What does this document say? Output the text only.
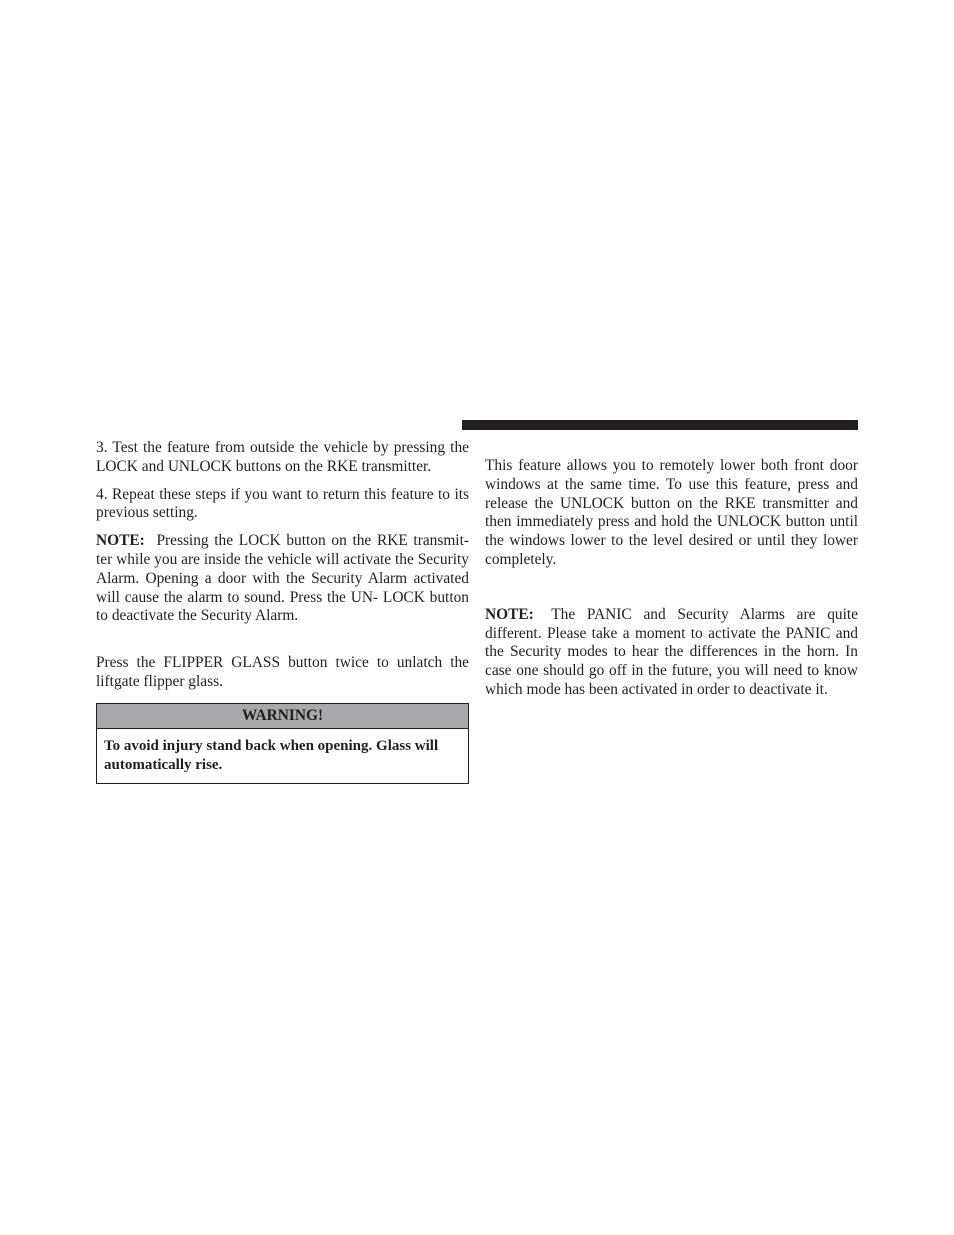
3. Test the feature from outside the vehicle by pressing the LOCK and UNLOCK buttons on the RKE transmitter.

4. Repeat these steps if you want to return this feature to its previous setting.

NOTE: Pressing the LOCK button on the RKE transmit- ter while you are inside the vehicle will activate the Security Alarm. Opening a door with the Security Alarm activated will cause the alarm to sound. Press the UN- LOCK button to deactivate the Security Alarm.

Press the FLIPPER GLASS button twice to unlatch the liftgate flipper glass.

WARNING!
To avoid injury stand back when opening. Glass will automatically rise.

This feature allows you to remotely lower both front door windows at the same time. To use this feature, press and release the UNLOCK button on the RKE transmitter and then immediately press and hold the UNLOCK button until the windows lower to the level desired or until they lower completely.

NOTE: The PANIC and Security Alarms are quite different. Please take a moment to activate the PANIC and the Security modes to hear the differences in the horn. In case one should go off in the future, you will need to know which mode has been activated in order to deactivate it.
